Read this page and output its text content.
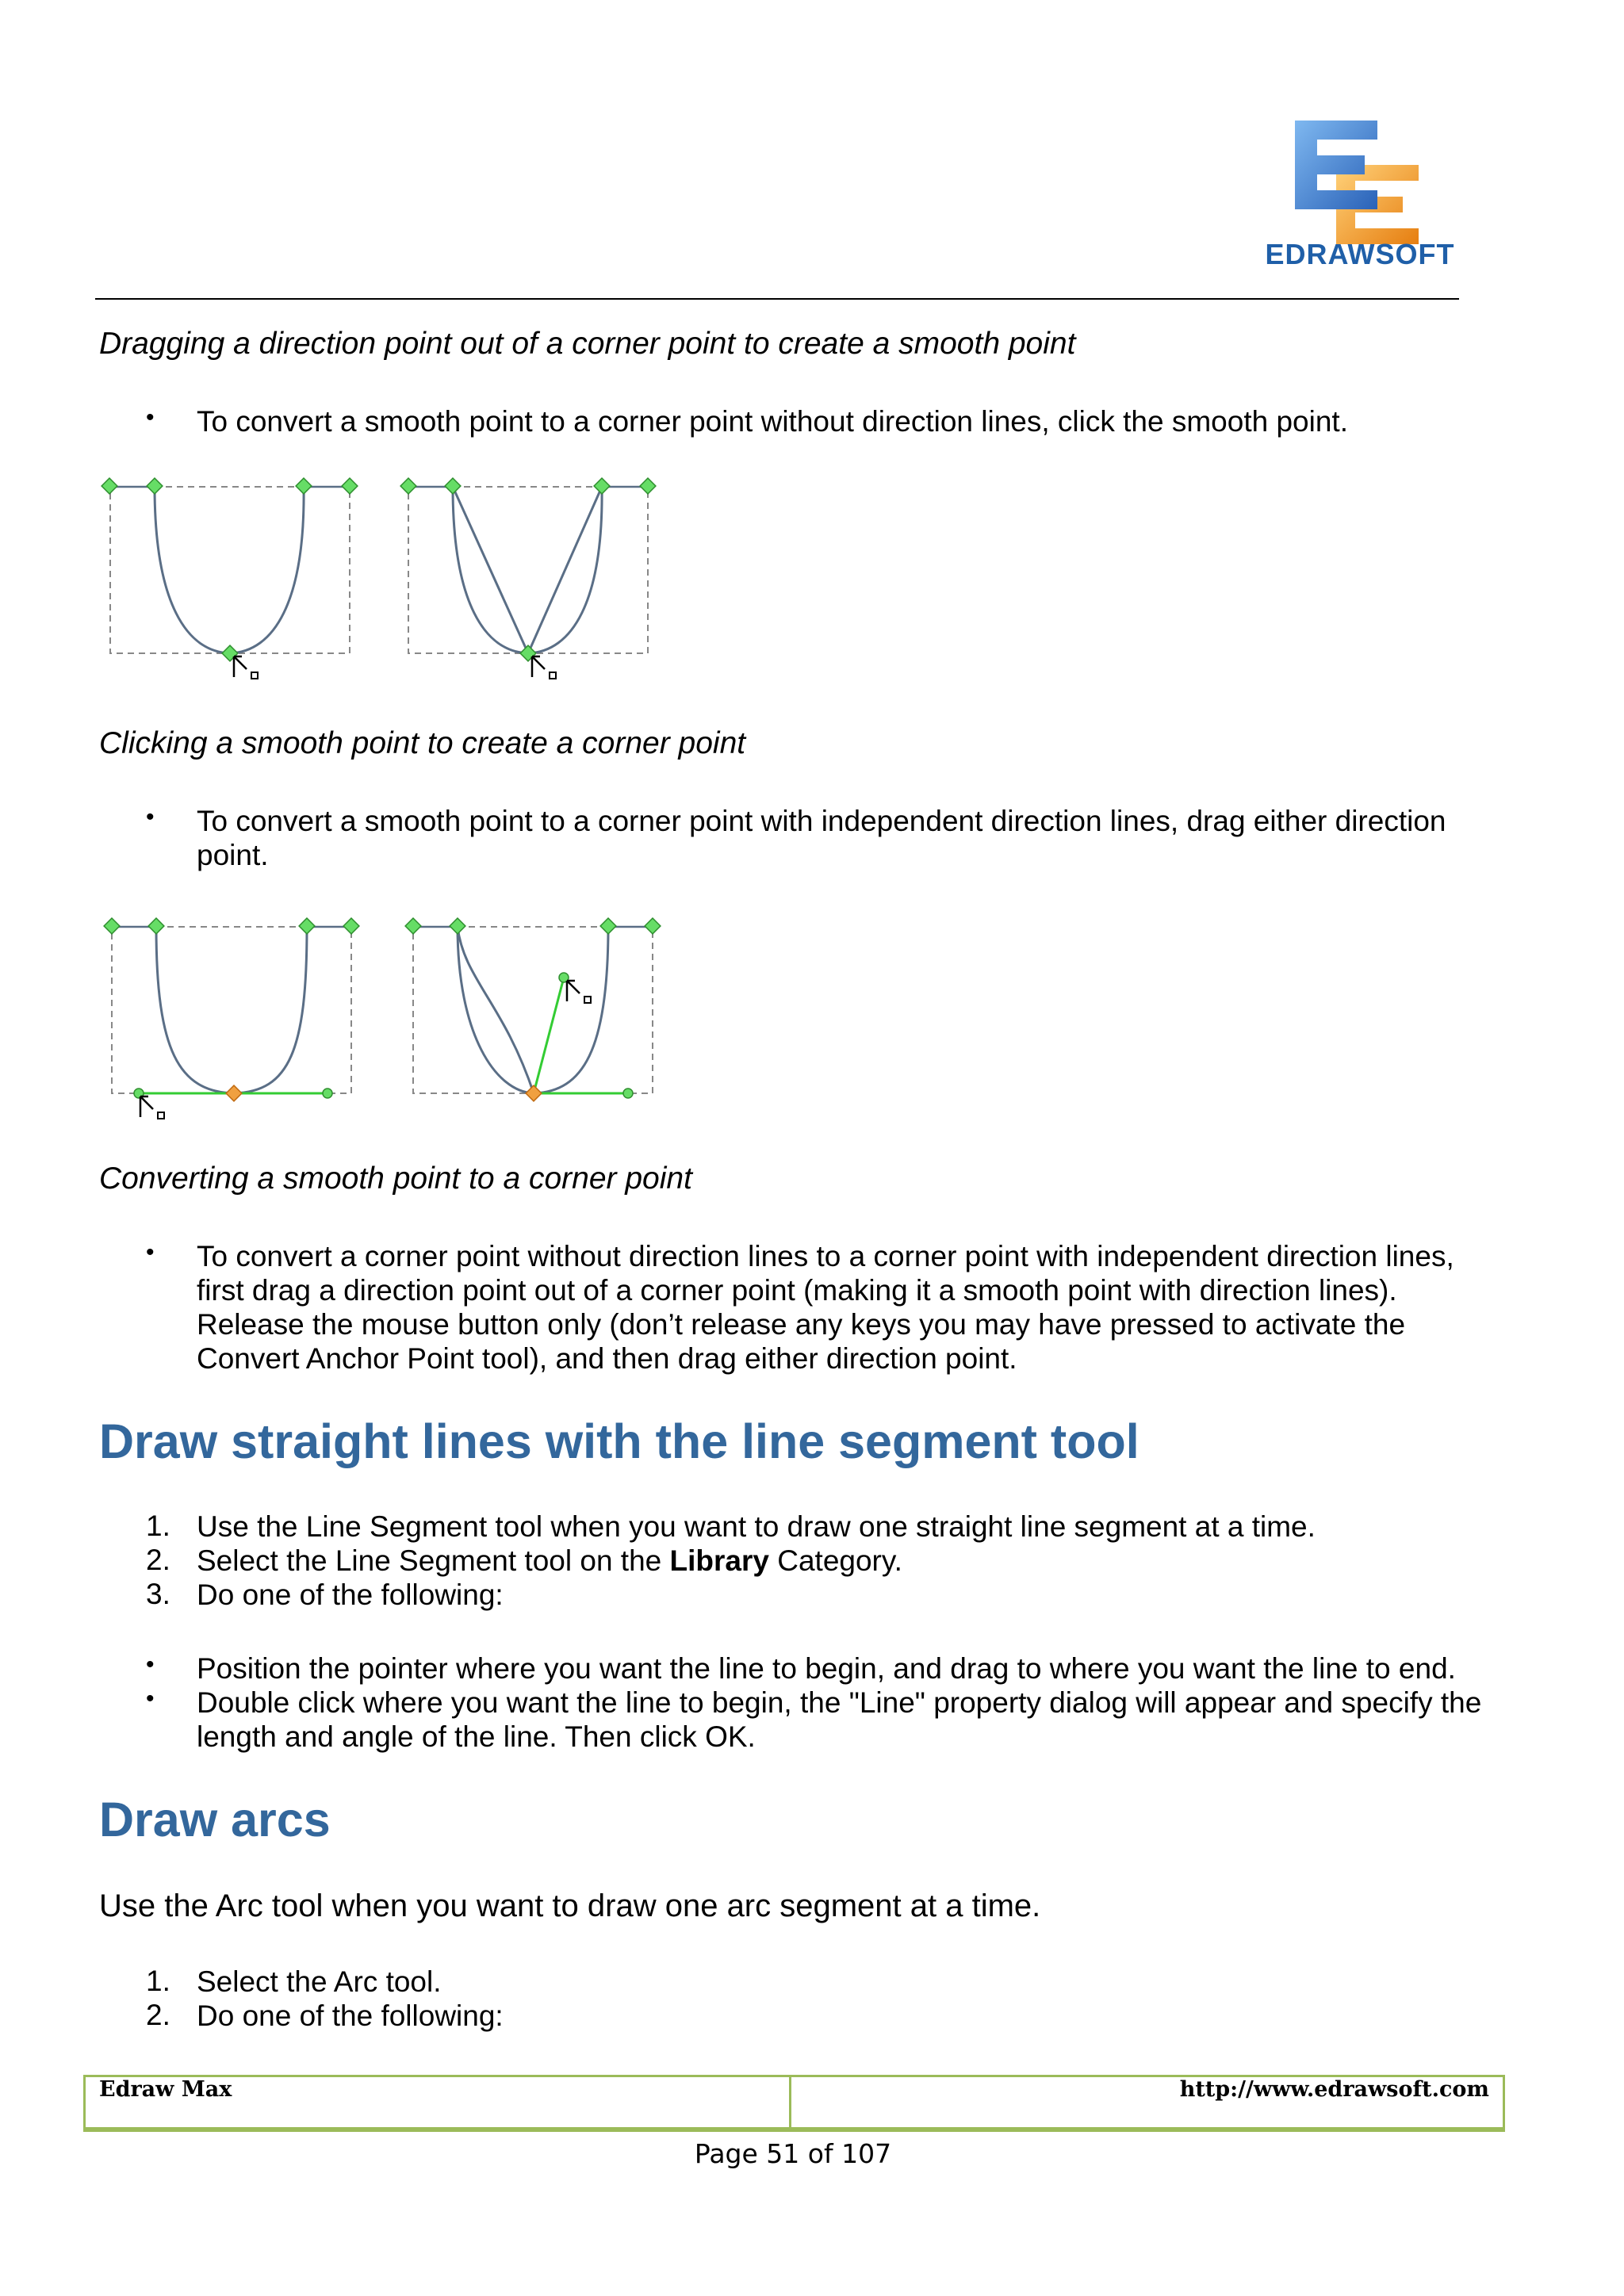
EDRAWSOFT
Dragging a direction point out of a corner point to create a smooth point
• To convert a smooth point to a corner point without direction lines, click the smooth point.
Clicking a smooth point to create a corner point
• To convert a smooth point to a corner point with independent direction lines, drag either direction point.
Converting a smooth point to a corner point
• To convert a corner point without direction lines to a corner point with independent direction lines, first drag a direction point out of a corner point (making it a smooth point with direction lines). Release the mouse button only (don’t release any keys you may have pressed to activate the Convert Anchor Point tool), and then drag either direction point.
Draw straight lines with the line segment tool
1. Use the Line Segment tool when you want to draw one straight line segment at a time.
2. Select the Line Segment tool on the Library Category.
3. Do one of the following:
• Position the pointer where you want the line to begin, and drag to where you want the line to end.
• Double click where you want the line to begin, the "Line" property dialog will appear and specify the length and angle of the line. Then click OK.
Draw arcs
Use the Arc tool when you want to draw one arc segment at a time.
1. Select the Arc tool.
2. Do one of the following:
Edraw Max	http://www.edrawsoft.com
Page 51 of 107
